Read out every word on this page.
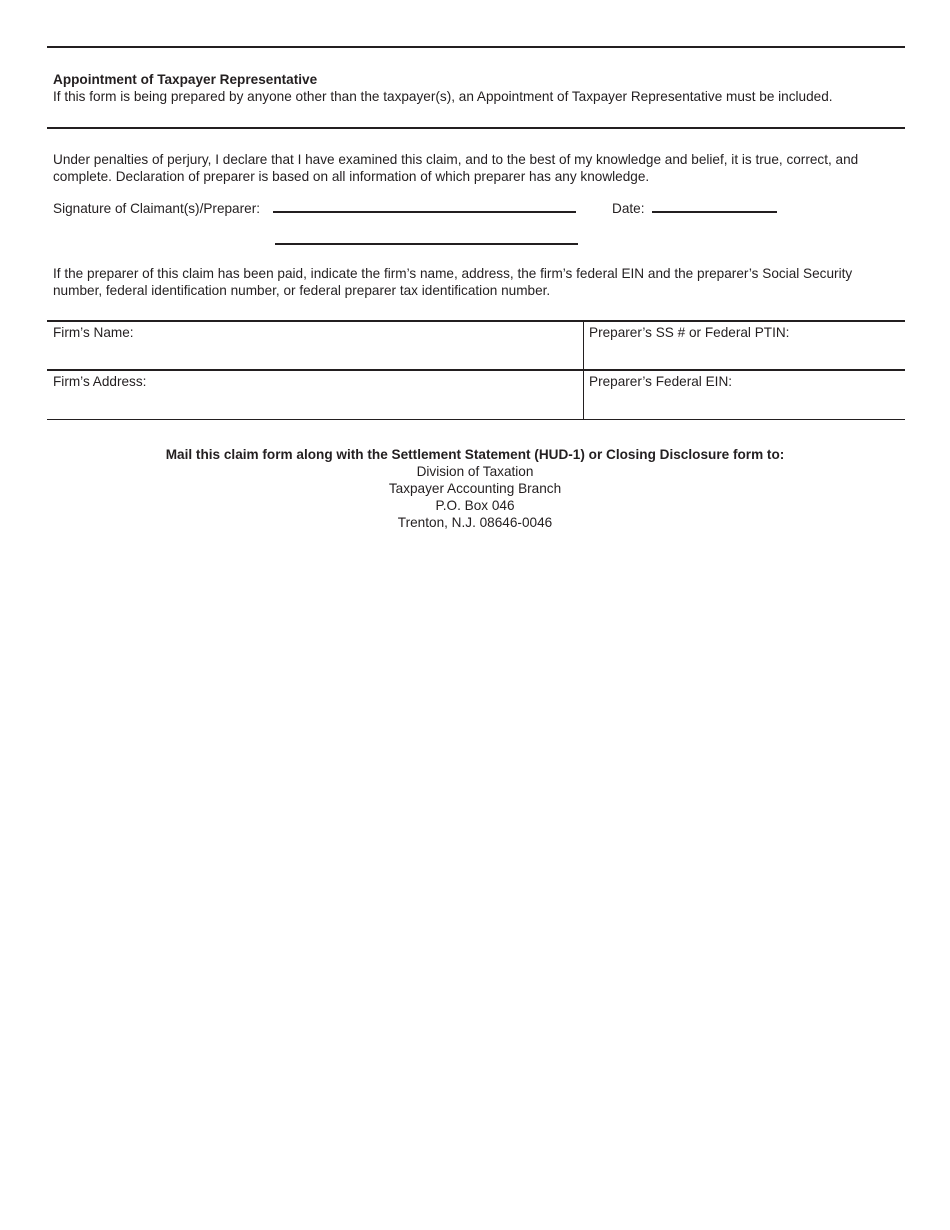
Appointment of Taxpayer Representative
If this form is being prepared by anyone other than the taxpayer(s), an Appointment of Taxpayer Representative must be included.
Under penalties of perjury, I declare that I have examined this claim, and to the best of my knowledge and belief, it is true, correct, and complete. Declaration of preparer is based on all information of which preparer has any knowledge.
Signature of Claimant(s)/Preparer:	Date:
If the preparer of this claim has been paid, indicate the firm’s name, address, the firm’s federal EIN and the preparer’s Social Security number, federal identification number, or federal preparer tax identification number.
Firm’s Name:	Preparer’s SS # or Federal PTIN:
Firm’s Address:	Preparer’s Federal EIN:
Mail this claim form along with the Settlement Statement (HUD-1) or Closing Disclosure form to:
Division of Taxation
Taxpayer Accounting Branch
P.O. Box 046
Trenton, N.J. 08646-0046
